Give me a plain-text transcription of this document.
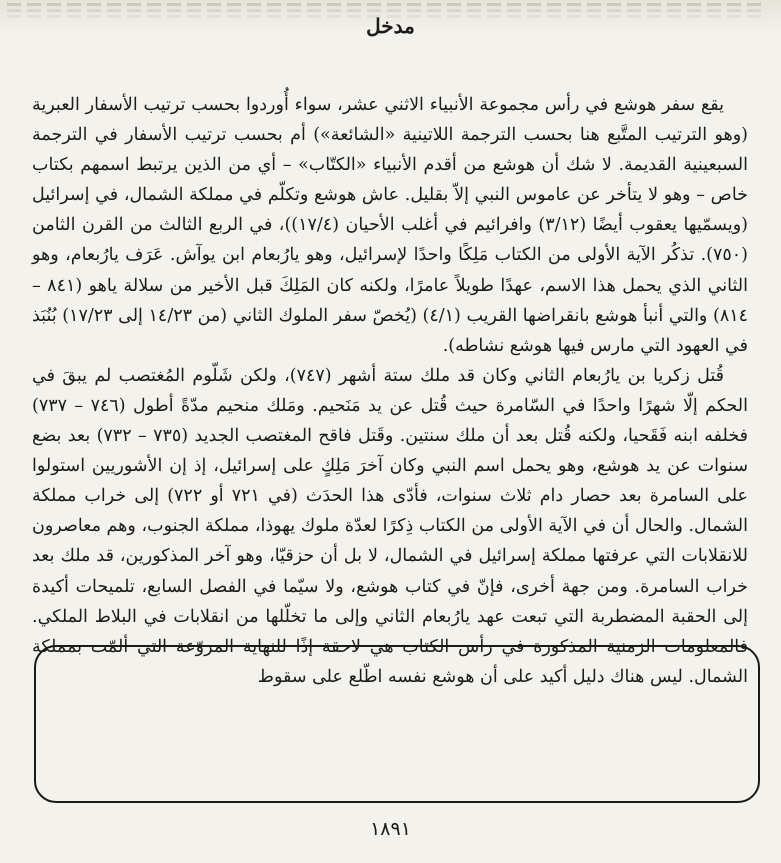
مدخل

يقع سفر هوشع في رأس مجموعة الأنبياء الاثني عشر، سواء أُوردوا بحسب ترتيب الأسفار العبرية (وهو الترتيب المتَّبع هنا بحسب الترجمة اللاتينية «الشائعة») أم بحسب ترتيب الأسفار في الترجمة السبعينية القديمة. لا شك أن هوشع من أقدم الأنبياء «الكتّاب» – أي من الذين يرتبط اسمهم بكتاب خاص – وهو لا يتأخر عن عاموس النبي إلاّ بقليل. عاش هوشع وتكلّم في مملكة الشمال، في إسرائيل (ويسمّيها يعقوب أيضًا (٣/١٢) وافرائيم في أغلب الأحيان (١٧/٤))، في الربع الثالث من القرن الثامن (٧٥٠). تذكُر الآية الأولى من الكتاب مَلِكًا واحدًا لإسرائيل، وهو يارُبعام ابن يوآش. عَرَف يارُبعام، وهو الثاني الذي يحمل هذا الاسم، عهدًا طويلاً عامرًا، ولكنه كان المَلِكَ قبل الأخير من سلالة ياهو (٨٤١ – ٨١٤) والتي أنبأ هوشع بانقراضها القريب (٤/١) (يُخصّ سفر الملوك الثاني (من ١٤/٢٣ إلى ١٧/٢٣) بُنُبَذ في العهود التي مارس فيها هوشع نشاطه).

قُتل زكريا بن يارُبعام الثاني وكان قد ملك ستة أشهر (٧٤٧)، ولكن شَلّوم المُغتصب لم يبقَ في الحكم إلّا شهرًا واحدًا في السّامرة حيث قُتل عن يد مَنَحيم. ومَلك منحيم مدّةً أطول (٧٤٦ – ٧٣٧) فخلفه ابنه فَقَحيا، ولكنه قُتل بعد أن ملك سنتين. وقَتل فاقح المغتصب الجديد (٧٣٥ – ٧٣٢) بعد بضع سنوات عن يد هوشع، وهو يحمل اسم النبي وكان آخرَ مَلِكٍ على إسرائيل، إذ إن الأشوريين استولوا على السامرة بعد حصار دام ثلاث سنوات، فأدّى هذا الحدَث (في ٧٢١ أو ٧٢٢) إلى خراب مملكة الشمال. والحال أن في الآية الأولى من الكتاب ذِكرًا لعدّة ملوك يهوذا، مملكة الجنوب، وهم معاصرون للانقلابات التي عرفتها مملكة إسرائيل في الشمال، لا بل أن حزقيّا، وهو آخر المذكورين، قد ملك بعد خراب السامرة. ومن جهة أخرى، فإنّ في كتاب هوشع، ولا سيّما في الفصل السابع، تلميحات أكيدة إلى الحقبة المضطربة التي تبعت عهد يارُبعام الثاني وإلى ما تخلّلها من انقلابات في البلاط الملكي. فالمعلومات الزمنية المذكورة في رأس الكتاب هي لاحقة إذًا للنهاية المروّعة التي ألمّت بمملكة الشمال. ليس هناك دليل أكيد على أن هوشع نفسه اطّلع على سقوط

١٨٩١
